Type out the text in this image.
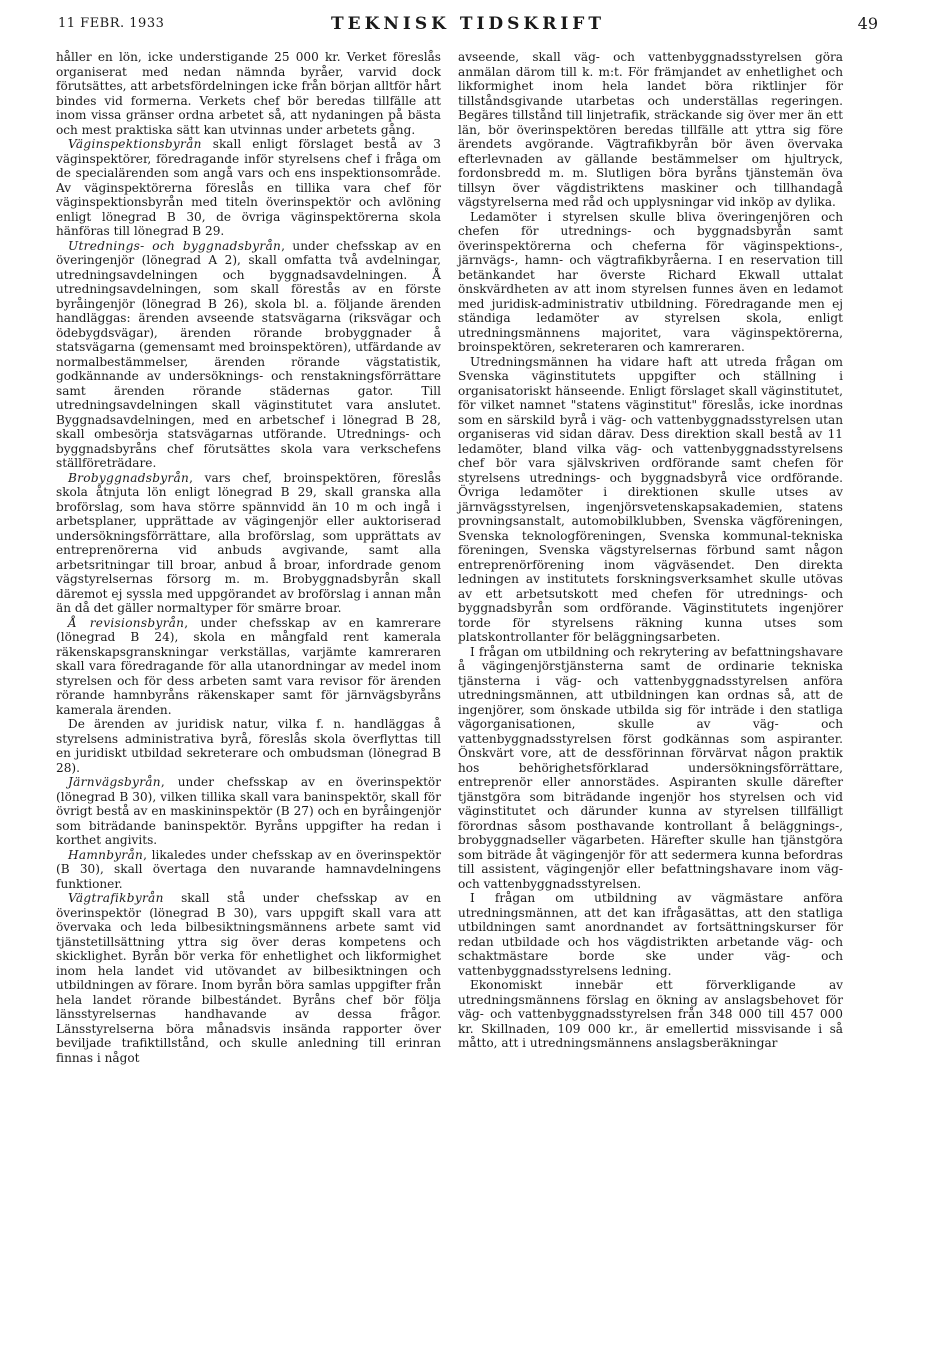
11 FEBR. 1933	TEKNISK TIDSKRIFT	49

håller en lön, icke understigande 25 000 kr. Verket föreslås organiserat med nedan nämnda byråer, varvid dock förutsättes, att arbetsfördelningen icke från början alltför hårt bindes vid formerna. Verkets chef bör beredas tillfälle att inom vissa gränser ordna arbetet så, att nydaningen på bästa och mest praktiska sätt kan utvinnas under arbetets gång.

Väginspektionsbyrån skall enligt förslaget bestå av 3 väginspektörer, föredragande inför styrelsens chef i fråga om de specialärenden som angå vars och ens inspektionsområde. Av väginspektörerna föreslås en tillika vara chef för väginspektionsbyrån med titeln överinspektör och avlöning enligt lönegrad B 30, de övriga väginspektörerna skola hänföras till lönegrad B 29.

Utrednings- och byggnadsbyrån, under chefsskap av en överingenjör (lönegrad A 2), skall omfatta två avdelningar, utredningsavdelningen och byggnadsavdelningen. Å utredningsavdelningen, som skall förestås av en förste byråingenjör (lönegrad B 26), skola bl. a. följande ärenden handläggas: ärenden avseende statsvägarna (riksvägar och ödebygdsvägar), ärenden rörande brobyggnader å statsvägarna (gemensamt med broinspektören), utfärdande av normalbestämmelser, ärenden rörande vägstatistik, godkännande av undersöknings- och renstakningsförrättare samt ärenden rörande städernas gator. Till utredningsavdelningen skall väginstitutet vara anslutet. Byggnadsavdelningen, med en arbetschef i lönegrad B 28, skall ombesörja statsvägarnas utförande. Utrednings- och byggnadsbyråns chef förutsättes skola vara verkschefens ställföreträdare.

Brobyggnadsbyrån, vars chef, broinspektören, föreslås skola åtnjuta lön enligt lönegrad B 29, skall granska alla broförslag, som hava större spännvidd än 10 m och ingå i arbetsplaner, upprättade av vägingenjör eller auktoriserad undersökningsförrättare, alla broförslag, som upprättats av entreprenörerna vid anbuds avgivande, samt alla arbetsritningar till broar, anbud å broar, infordrade genom vägstyrelsernas försorg m. m. Brobyggnadsbyrån skall däremot ej syssla med uppgörandet av broförslag i annan mån än då det gäller normaltyper för smärre broar.

Å revisionsbyrån, under chefsskap av en kamrerare (lönegrad B 24), skola en mångfald rent kamerala räkenskapsgranskningar verkställas, varjämte kamreraren skall vara föredragande för alla utanordningar av medel inom styrelsen och för dess arbeten samt vara revisor för ärenden rörande hamnbyråns räkenskaper samt för järnvägsbyråns kamerala ärenden.

De ärenden av juridisk natur, vilka f. n. handläggas å styrelsens administrativa byrå, föreslås skola överflyttas till en juridiskt utbildad sekreterare och ombudsman (lönegrad B 28).

Järnvägsbyrån, under chefsskap av en överinspektör (lönegrad B 30), vilken tillika skall vara baninspektör, skall för övrigt bestå av en maskininspektör (B 27) och en byråingenjör som biträdande baninspektör. Byråns uppgifter ha redan i korthet angivits.

Hamnbyrån, likaledes under chefsskap av en överinspektör (B 30), skall övertaga den nuvarande hamnavdelningens funktioner.

Vägtrafikbyrån skall stå under chefsskap av en överinspektör (lönegrad B 30), vars uppgift skall vara att övervaka och leda bilbesiktningsmännens arbete samt vid tjänstetillsättning yttra sig över deras kompetens och skicklighet. Byrån bör verka för enhetlighet och likformighet inom hela landet vid utövandet av bilbesiktningen och utbildningen av förare. Inom byrån böra samlas uppgifter från hela landet rörande bilbestándet. Byråns chef bör följa länsstyrelsernas handhavande av dessa frågor. Länsstyrelserna böra månadsvis insända rapporter över beviljade trafiktillstånd, och skulle anledning till erinran finnas i något

avseende, skall väg- och vattenbyggnadsstyrelsen göra anmälan därom till k. m:t. För främjandet av enhetlighet och likformighet inom hela landet böra riktlinjer för tillståndsgivande utarbetas och underställas regeringen. Begäres tillstånd till linjetrafik, sträckande sig över mer än ett län, bör överinspektören beredas tillfälle att yttra sig före ärendets avgörande. Vägtrafikbyrån bör även övervaka efterlevnaden av gällande bestämmelser om hjultryck, fordonsbredd m. m. Slutligen böra byråns tjänstemän öva tillsyn över vägdistriktens maskiner och tillhandagå vägstyrelserna med råd och upplysningar vid inköp av dylika.

Ledamöter i styrelsen skulle bliva överingenjören och chefen för utrednings- och byggnadsbyrån samt överinspektörerna och cheferna för väginspektions-, järnvägs-, hamn- och vägtrafikbyråerna. I en reservation till betänkandet har överste Richard Ekwall uttalat önskvärdheten av att inom styrelsen funnes även en ledamot med juridisk-administrativ utbildning. Föredragande men ej ständiga ledamöter av styrelsen skola, enligt utredningsmännens majoritet, vara väginspektörerna, broinspektören, sekreteraren och kamreraren.

Utredningsmännen ha vidare haft att utreda frågan om Svenska väginstitutets uppgifter och ställning i organisatoriskt hänseende. Enligt förslaget skall väginstitutet, för vilket namnet "statens väginstitut" föreslås, icke inordnas som en särskild byrå i väg- och vattenbyggnadsstyrelsen utan organiseras vid sidan därav. Dess direktion skall bestå av 11 ledamöter, bland vilka väg- och vattenbyggnadsstyrelsens chef bör vara självskriven ordförande samt chefen för styrelsens utrednings- och byggnadsbyrå vice ordförande. Övriga ledamöter i direktionen skulle utses av järnvägsstyrelsen, ingenjörsvetenskapsakademien, statens provningsanstalt, automobilklubben, Svenska vägföreningen, Svenska teknologföreningen, Svenska kommunal-tekniska föreningen, Svenska vägstyrelsernas förbund samt någon entreprenörförening inom vägväsendet. Den direkta ledningen av institutets forskningsverksamhet skulle utövas av ett arbetsutskott med chefen för utrednings- och byggnadsbyrån som ordförande. Väginstitutets ingenjörer torde för styrelsens räkning kunna utses som platskontrollanter för beläggningsarbeten.

I frågan om utbildning och rekrytering av befattningshavare å vägingenjörstjänsterna samt de ordinarie tekniska tjänsterna i väg- och vattenbyggnadsstyrelsen anföra utredningsmännen, att utbildningen kan ordnas så, att de ingenjörer, som önskade utbilda sig för inträde i den statliga vägorganisationen, skulle av väg- och vattenbyggnadsstyrelsen först godkännas som aspiranter. Önskvärt vore, att de dessförinnan förvärvat någon praktik hos behörighetsförklarad undersökningsförrättare, entreprenör eller annorstädes. Aspiranten skulle därefter tjänstgöra som biträdande ingenjör hos styrelsen och vid väginstitutet och därunder kunna av styrelsen tillfälligt förordnas såsom posthavande kontrollant å beläggnings-, brobyggnadseller vägarbeten. Härefter skulle han tjänstgöra som biträde åt vägingenjör för att sedermera kunna befordras till assistent, vägingenjör eller befattningshavare inom väg- och vattenbyggnadsstyrelsen.

I frågan om utbildning av vägmästare anföra utredningsmännen, att det kan ifrågasättas, att den statliga utbildningen samt anordnandet av fortsättningskurser för redan utbildade och hos vägdistrikten arbetande väg- och schaktmästare borde ske under väg- och vattenbyggnadsstyrelsens ledning.

Ekonomiskt innebär ett förverkligande av utredningsmännens förslag en ökning av anslagsbehovet för väg- och vattenbyggnadsstyrelsen från 348 000 till 457 000 kr. Skillnaden, 109 000 kr., är emellertid missvisande i så måtto, att i utredningsmännens anslagsberäkningar
